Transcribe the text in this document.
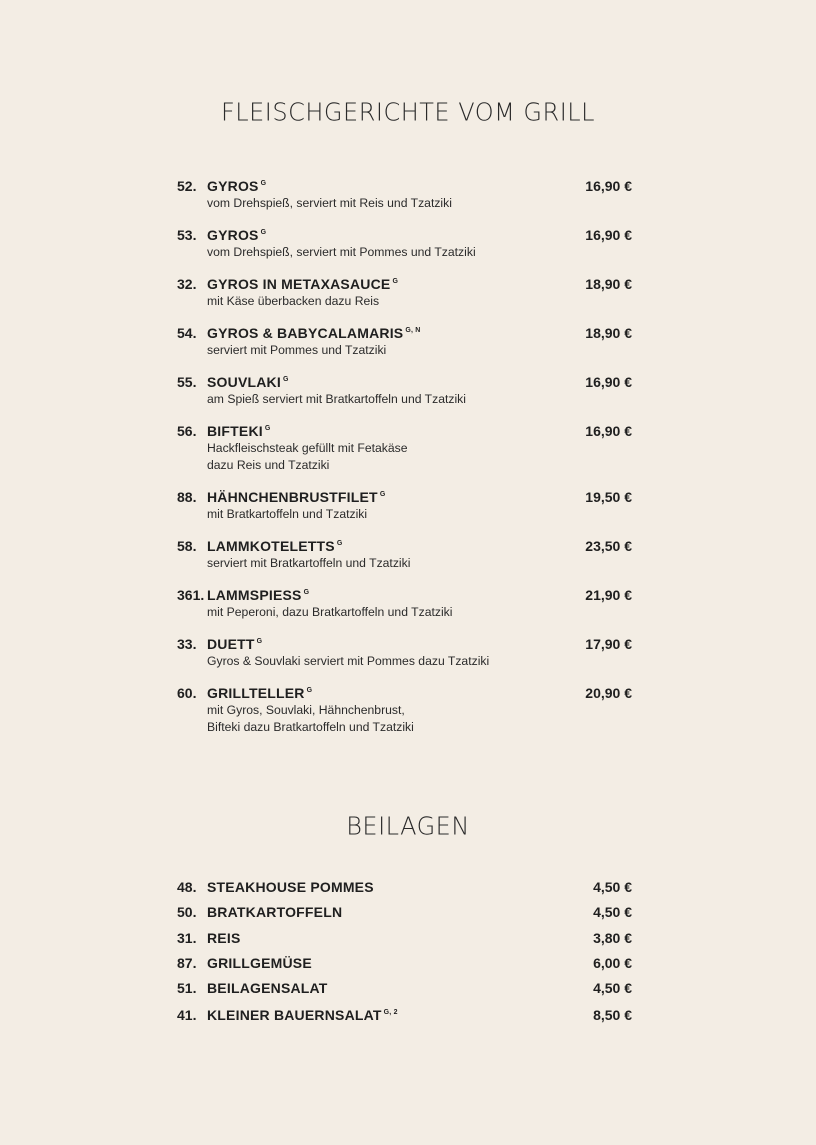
FLEISCHGERICHTE VOM GRILL
52. GYROS $^G$	16,90 €
vom Drehspieß, serviert mit Reis und Tzatziki
53. GYROS $^G$	16,90 €
vom Drehspieß, serviert mit Pommes und Tzatziki
32. GYROS IN METAXASAUCE $^G$	18,90 €
mit Käse überbacken dazu Reis
54. GYROS & BABYCALAMARIS $^{G, N}$	18,90 €
serviert mit Pommes und Tzatziki
55. SOUVLAKI $^G$	16,90 €
am Spieß serviert mit Bratkartoffeln und Tzatziki
56. BIFTEKI $^G$	16,90 €
Hackfleischsteak gefüllt mit Fetakäse
dazu Reis und Tzatziki
88. HÄHNCHENBRUSTFILET $^G$	19,50 €
mit Bratkartoffeln und Tzatziki
58. LAMMKOTELETTS $^G$	23,50 €
serviert mit Bratkartoffeln und Tzatziki
361. LAMMSPIESS $^G$	21,90 €
mit Peperoni, dazu Bratkartoffeln und Tzatziki
33. DUETT $^G$	17,90 €
Gyros & Souvlaki serviert mit Pommes dazu Tzatziki
60. GRILLTELLER $^G$	20,90 €
mit Gyros, Souvlaki, Hähnchenbrust,
Bifteki dazu Bratkartoffeln und Tzatziki
BEILAGEN
48. STEAKHOUSE POMMES	4,50 €
50. BRATKARTOFFELN	4,50 €
31. REIS	3,80 €
87. GRILLGEMÜSE	6,00 €
51. BEILAGENSALAT	4,50 €
41. KLEINER BAUERNSALAT $^{G, 2}$	8,50 €
